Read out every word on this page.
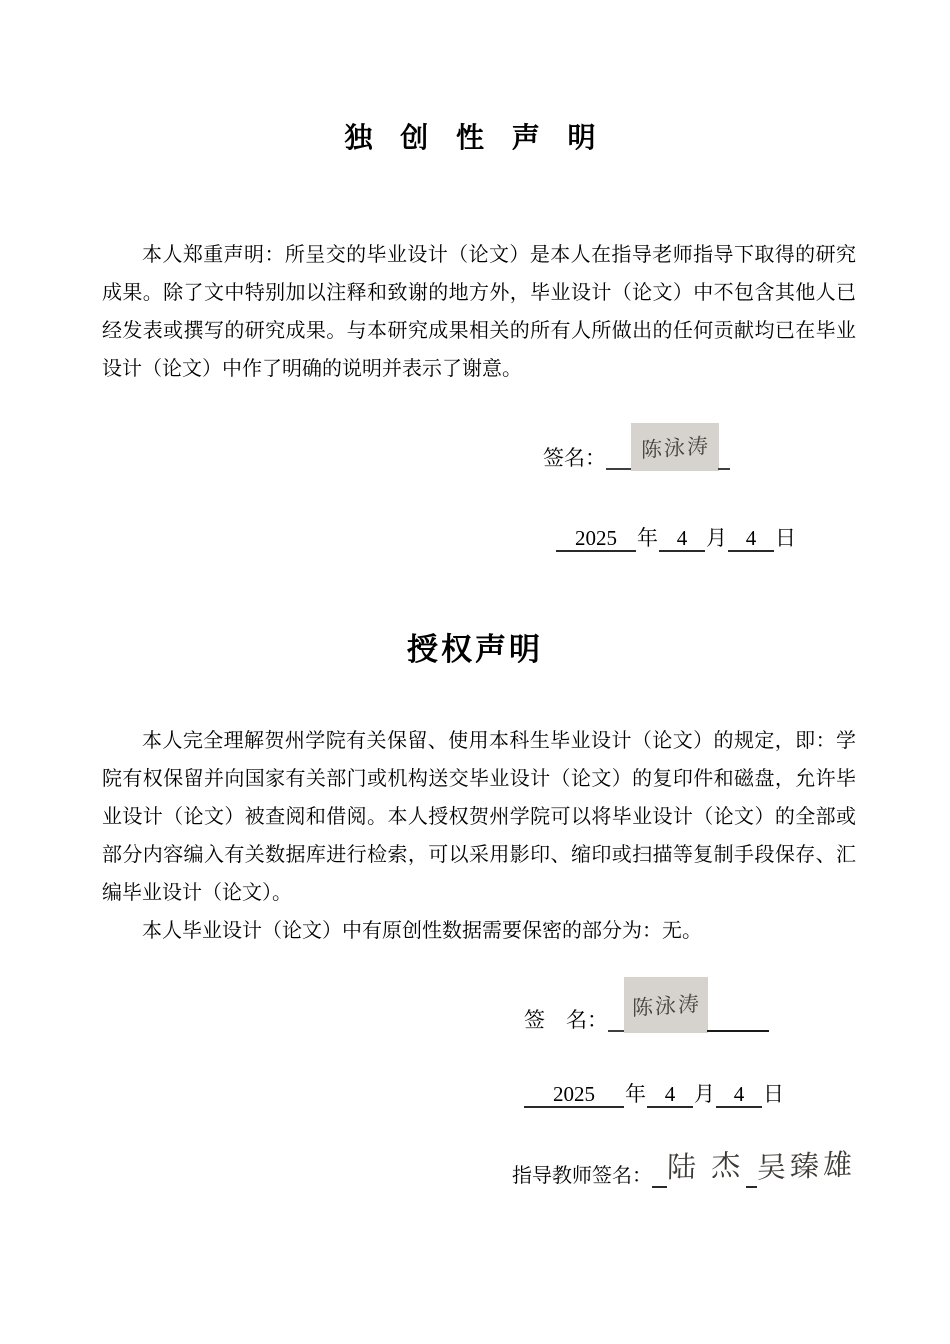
独 创 性 声 明

本人郑重声明：所呈交的毕业设计（论文）是本人在指导老师指导下取得的研究成果。除了文中特别加以注释和致谢的地方外，毕业设计（论文）中不包含其他人已经发表或撰写的研究成果。与本研究成果相关的所有人所做出的任何贡献均已在毕业设计（论文）中作了明确的说明并表示了谢意。

签名： 陈泳涛
2025 年 4 月 4 日
授权声明

本人完全理解贺州学院有关保留、使用本科生毕业设计（论文）的规定，即：学院有权保留并向国家有关部门或机构送交毕业设计（论文）的复印件和磁盘，允许毕业设计（论文）被查阅和借阅。本人授权贺州学院可以将毕业设计（论文）的全部或部分内容编入有关数据库进行检索，可以采用影印、缩印或扫描等复制手段保存、汇编毕业设计（论文）。

本人毕业设计（论文）中有原创性数据需要保密的部分为：无。

签　名： 陈泳涛
2025 年 4 月 4 日
指导教师签名： 陆 杰 吴臻雄
